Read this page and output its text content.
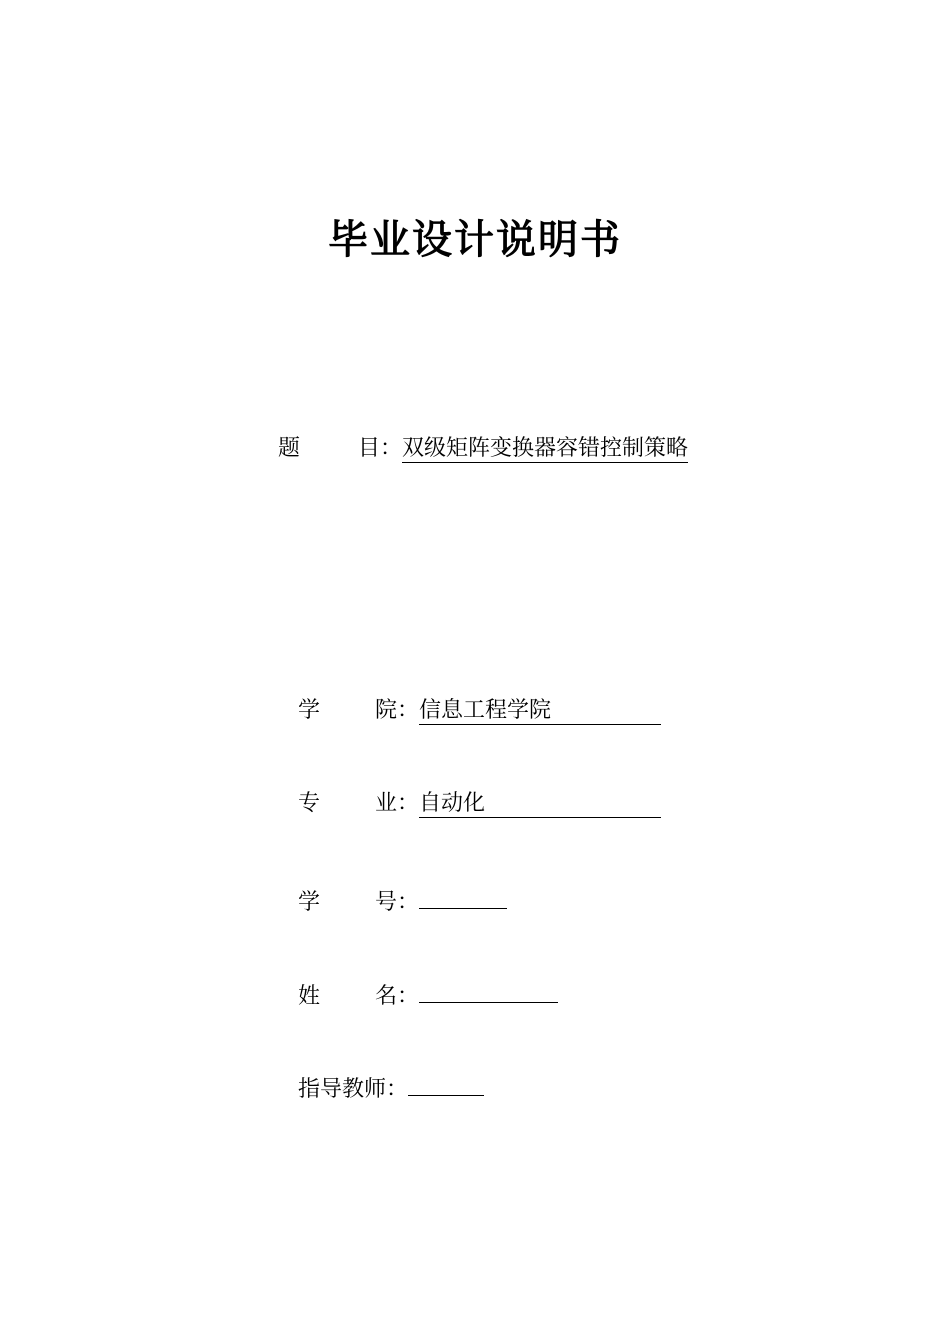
毕业设计说明书
题	目：双级矩阵变换器容错控制策略
学 院：信息工程学院
专 业：自动化
学 号：
姓 名：
指导教师：
